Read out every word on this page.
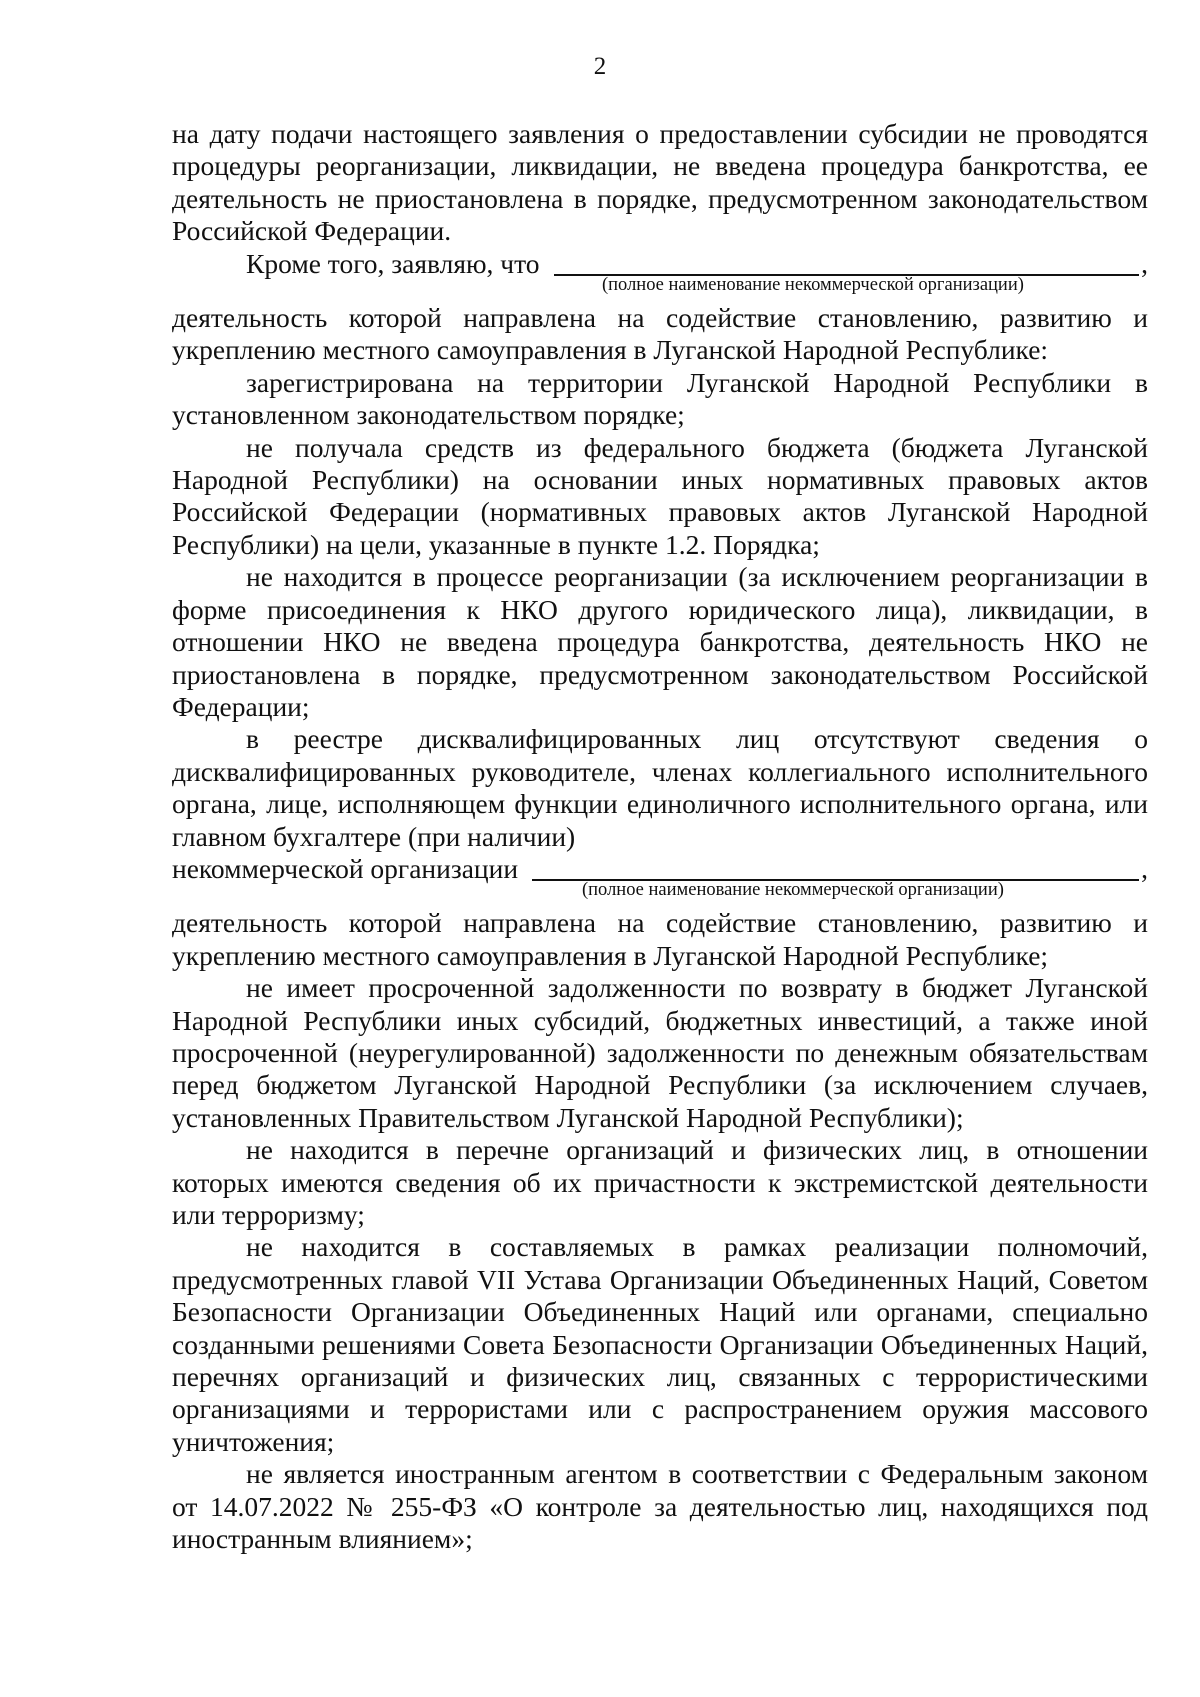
2

на дату подачи настоящего заявления о предоставлении субсидии не проводятся процедуры реорганизации, ликвидации, не введена процедура банкротства, ее деятельность не приостановлена в порядке, предусмотренном законодательством Российской Федерации.

Кроме того, заявляю, что	,
(полное наименование некоммерческой организации)

деятельность которой направлена на содействие становлению, развитию и укреплению местного самоуправления в Луганской Народной Республике:

зарегистрирована на территории Луганской Народной Республики в установленном законодательством порядке;

не получала средств из федерального бюджета (бюджета Луганской Народной Республики) на основании иных нормативных правовых актов Российской Федерации (нормативных правовых актов Луганской Народной Республики) на цели, указанные в пункте 1.2. Порядка;

не находится в процессе реорганизации (за исключением реорганизации в форме присоединения к НКО другого юридического лица), ликвидации, в отношении НКО не введена процедура банкротства, деятельность НКО не приостановлена в порядке, предусмотренном законодательством Российской Федерации;

в реестре дисквалифицированных лиц отсутствуют сведения о дисквалифицированных руководителе, членах коллегиального исполнительного органа, лице, исполняющем функции единоличного исполнительного органа, или главном бухгалтере (при наличии)

некоммерческой организации	,
(полное наименование некоммерческой организации)

деятельность которой направлена на содействие становлению, развитию и укреплению местного самоуправления в Луганской Народной Республике;

не имеет просроченной задолженности по возврату в бюджет Луганской Народной Республики иных субсидий, бюджетных инвестиций, а также иной просроченной (неурегулированной) задолженности по денежным обязательствам перед бюджетом Луганской Народной Республики (за исключением случаев, установленных Правительством Луганской Народной Республики);

не находится в перечне организаций и физических лиц, в отношении которых имеются сведения об их причастности к экстремистской деятельности или терроризму;

не находится в составляемых в рамках реализации полномочий, предусмотренных главой VII Устава Организации Объединенных Наций, Советом Безопасности Организации Объединенных Наций или органами, специально созданными решениями Совета Безопасности Организации Объединенных Наций, перечнях организаций и физических лиц, связанных с террористическими организациями и террористами или с распространением оружия массового уничтожения;

не является иностранным агентом в соответствии с Федеральным законом от 14.07.2022 № 255-ФЗ «О контроле за деятельностью лиц, находящихся под иностранным влиянием»;
